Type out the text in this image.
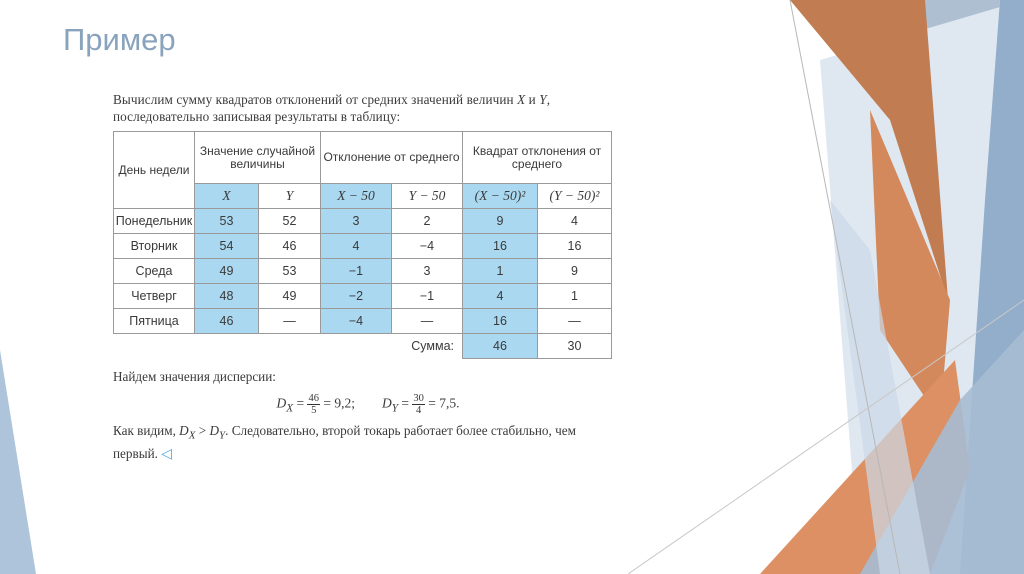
Пример

Вычислим сумму квадратов отклонений от средних значений величин X и Y, последовательно записывая результаты в таблицу:

День недели	Значение случайной величины		Отклонение от среднего		Квадрат отклонения от среднего	
	X	Y	X − 50	Y − 50	(X − 50)²	(Y − 50)²
Понедельник	53	52	3	2	9	4
Вторник	54	46	4	−4	16	16
Среда	49	53	−1	3	1	9
Четверг	48	49	−2	−1	4	1
Пятница	46	—	−4	—	16	—
				Сумма:	46	30

Найдем значения дисперсии:

$D_X = \frac{46}{5} = 9,2$; $D_Y = \frac{30}{4} = 7,5$.

Как видим, $D_X > D_Y$. Следовательно, второй токарь работает более стабильно, чем первый. ◁
